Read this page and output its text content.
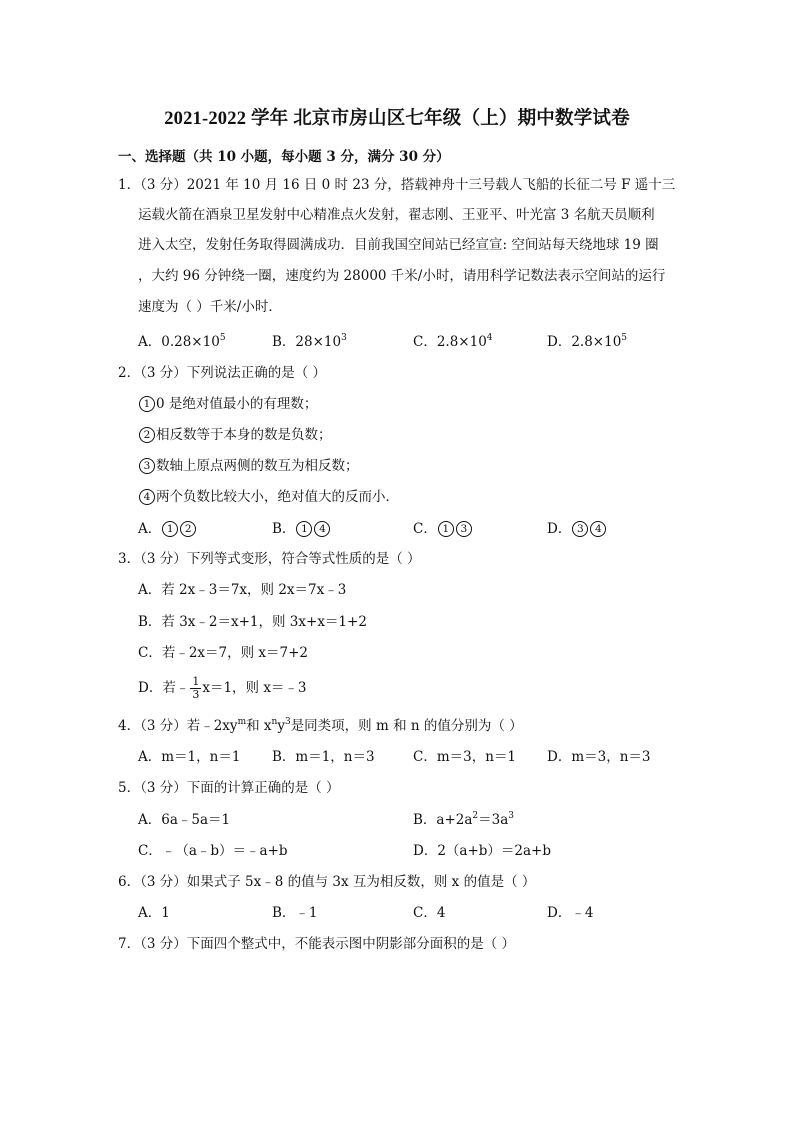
2021-2022 学年 北京市房山区七年级（上）期中数学试卷
一、选择题（共 10 小题，每小题 3 分，满分 30 分）
1．（3 分）2021 年 10 月 16 日 0 时 23 分，搭载神舟十三号载人飞船的长征二号 F 遥十三
运载火箭在酒泉卫星发射中心精准点火发射，翟志刚、王亚平、叶光富 3 名航天员顺利
进入太空，发射任务取得圆满成功．目前我国空间站已经宣宣: 空间站每天绕地球 19 圈
，大约 96 分钟绕一圈，速度约为 28000 千米/小时，请用科学记数法表示空间站的运行
速度为（ ）千米/小时．
A．$0.28\times 10^5$	B．$28\times 10^3$	C．$2.8\times 10^4$	D．$2.8\times 10^5$
2．（3 分）下列说法正确的是（ ）
1 0 是绝对值最小的有理数；
2 相反数等于本身的数是负数；
3 数轴上原点两侧的数互为相反数；
4 两个负数比较大小，绝对值大的反而小．
A． 1 2	B． 1 4	C． 1 3	D． 3 4
3．（3 分）下列等式变形，符合等式性质的是（ ）
A．若 2x﹣3＝7x，则 2x＝7x﹣3
B．若 3x﹣2＝x+1，则 3x+x＝1+2
C．若﹣2x＝7，则 x＝7+2
D．若﹣ $\frac{1}{3} x=1$，则 x＝﹣3
4．（3 分）若$﹣2xy^m$和 $x^ny^3$是同类项，则 m 和 n 的值分别为（ ）
A．m＝1，n＝1 B．m＝1，n＝3	C．m＝3，n＝1 D．m＝3，n＝3
5．（3 分）下面的计算正确的是（ ）
A．6a﹣5a＝1	B．$a+2a^2=3a^3$
C．﹣（a﹣b）＝﹣a+b	D．2（a+b）＝2a+b
6．（3 分）如果式子 5x﹣8 的值与 3x 互为相反数，则 x 的值是（ ）
A．1	B．﹣1	C．4	D．﹣4
7．（3 分）下面四个整式中，不能表示图中阴影部分面积的是（ ）
